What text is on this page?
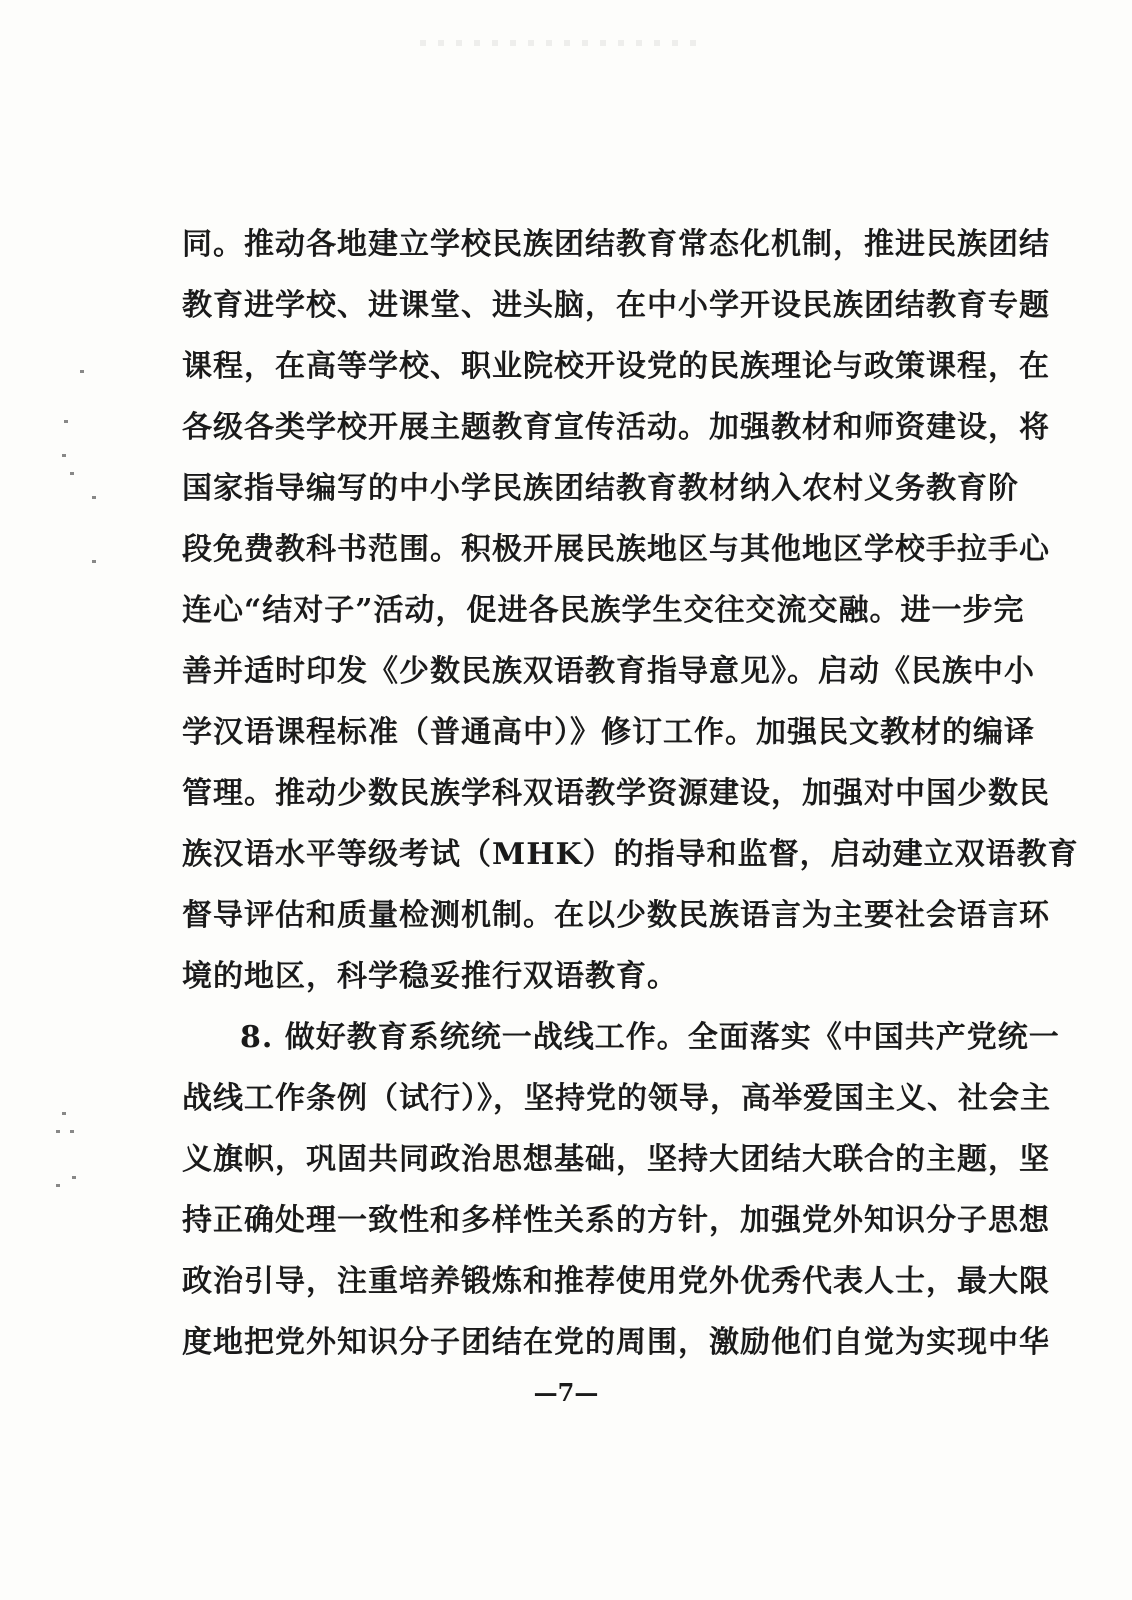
同。推动各地建立学校民族团结教育常态化机制，推进民族团结
教育进学校、进课堂、进头脑，在中小学开设民族团结教育专题
课程，在高等学校、职业院校开设党的民族理论与政策课程，在
各级各类学校开展主题教育宣传活动。加强教材和师资建设，将
国家指导编写的中小学民族团结教育教材纳入农村义务教育阶
段免费教科书范围。积极开展民族地区与其他地区学校手拉手心
连心“结对子”活动，促进各民族学生交往交流交融。进一步完
善并适时印发《少数民族双语教育指导意见》。启动《民族中小
学汉语课程标准（普通高中）》修订工作。加强民文教材的编译
管理。推动少数民族学科双语教学资源建设，加强对中国少数民
族汉语水平等级考试（MHK）的指导和监督，启动建立双语教育
督导评估和质量检测机制。在以少数民族语言为主要社会语言环
境的地区，科学稳妥推行双语教育。
8. 做好教育系统统一战线工作。全面落实《中国共产党统一
战线工作条例（试行）》，坚持党的领导，高举爱国主义、社会主
义旗帜，巩固共同政治思想基础，坚持大团结大联合的主题，坚
持正确处理一致性和多样性关系的方针，加强党外知识分子思想
政治引导，注重培养锻炼和推荐使用党外优秀代表人士，最大限
度地把党外知识分子团结在党的周围，激励他们自觉为实现中华
—7—
